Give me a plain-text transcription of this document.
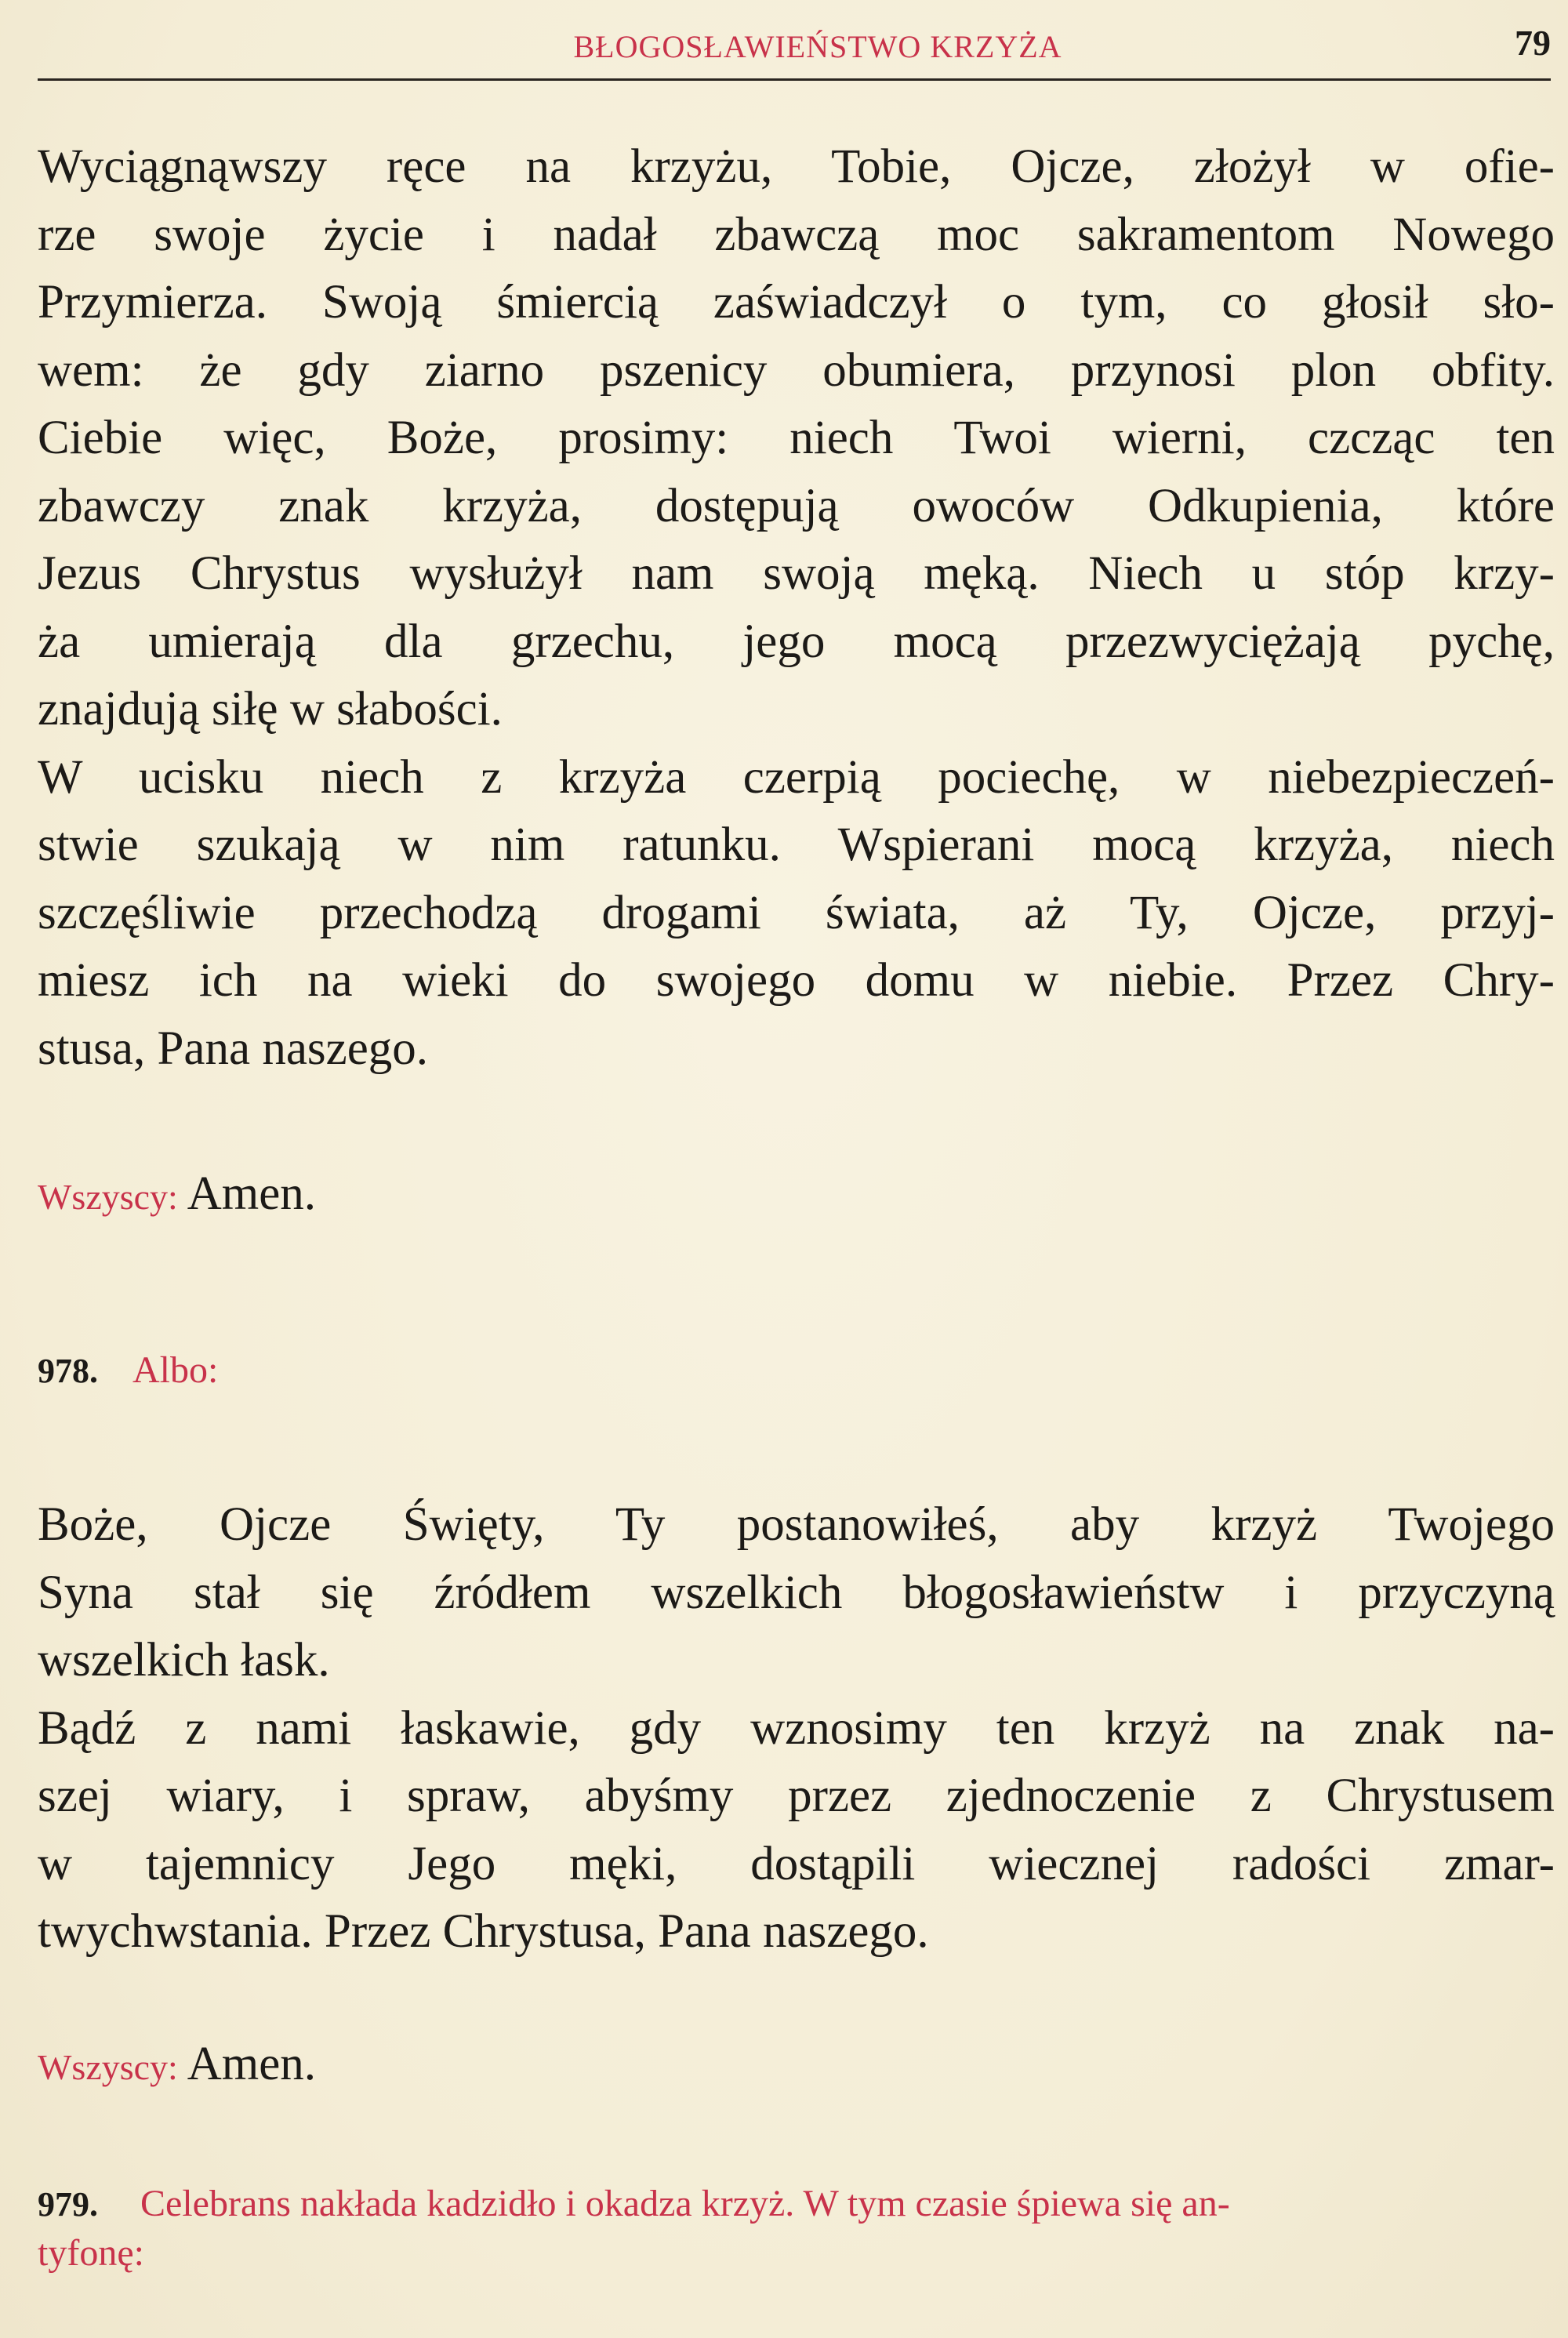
BŁOGOSŁAWIEŃSTWO KRZYŻA	79
Wyciągnąwszy ręce na krzyżu, Tobie, Ojcze, złożył w ofie-
rze swoje życie i nadał zbawczą moc sakramentom Nowego
Przymierza. Swoją śmiercią zaświadczył o tym, co głosił sło-
wem: że gdy ziarno pszenicy obumiera, przynosi plon obfity.
Ciebie więc, Boże, prosimy: niech Twoi wierni, czcząc ten
zbawczy znak krzyża, dostępują owoców Odkupienia, które
Jezus Chrystus wysłużył nam swoją męką. Niech u stóp krzy-
ża umierają dla grzechu, jego mocą przezwyciężają pychę,
znajdują siłę w słabości.
W ucisku niech z krzyża czerpią pociechę, w niebezpieczeń-
stwie szukają w nim ratunku. Wspierani mocą krzyża, niech
szczęśliwie przechodzą drogami świata, aż Ty, Ojcze, przyj-
miesz ich na wieki do swojego domu w niebie. Przez Chry-
stusa, Pana naszego.
Wszyscy: Amen.
978. Albo:
Boże, Ojcze Święty, Ty postanowiłeś, aby krzyż Twojego
Syna stał się źródłem wszelkich błogosławieństw i przyczyną
wszelkich łask.
Bądź z nami łaskawie, gdy wznosimy ten krzyż na znak na-
szej wiary, i spraw, abyśmy przez zjednoczenie z Chrystusem
w tajemnicy Jego męki, dostąpili wiecznej radości zmar-
twychwstania. Przez Chrystusa, Pana naszego.
Wszyscy: Amen.
979. Celebrans nakłada kadzidło i okadza krzyż. W tym czasie śpiewa się an-
tyfonę:
